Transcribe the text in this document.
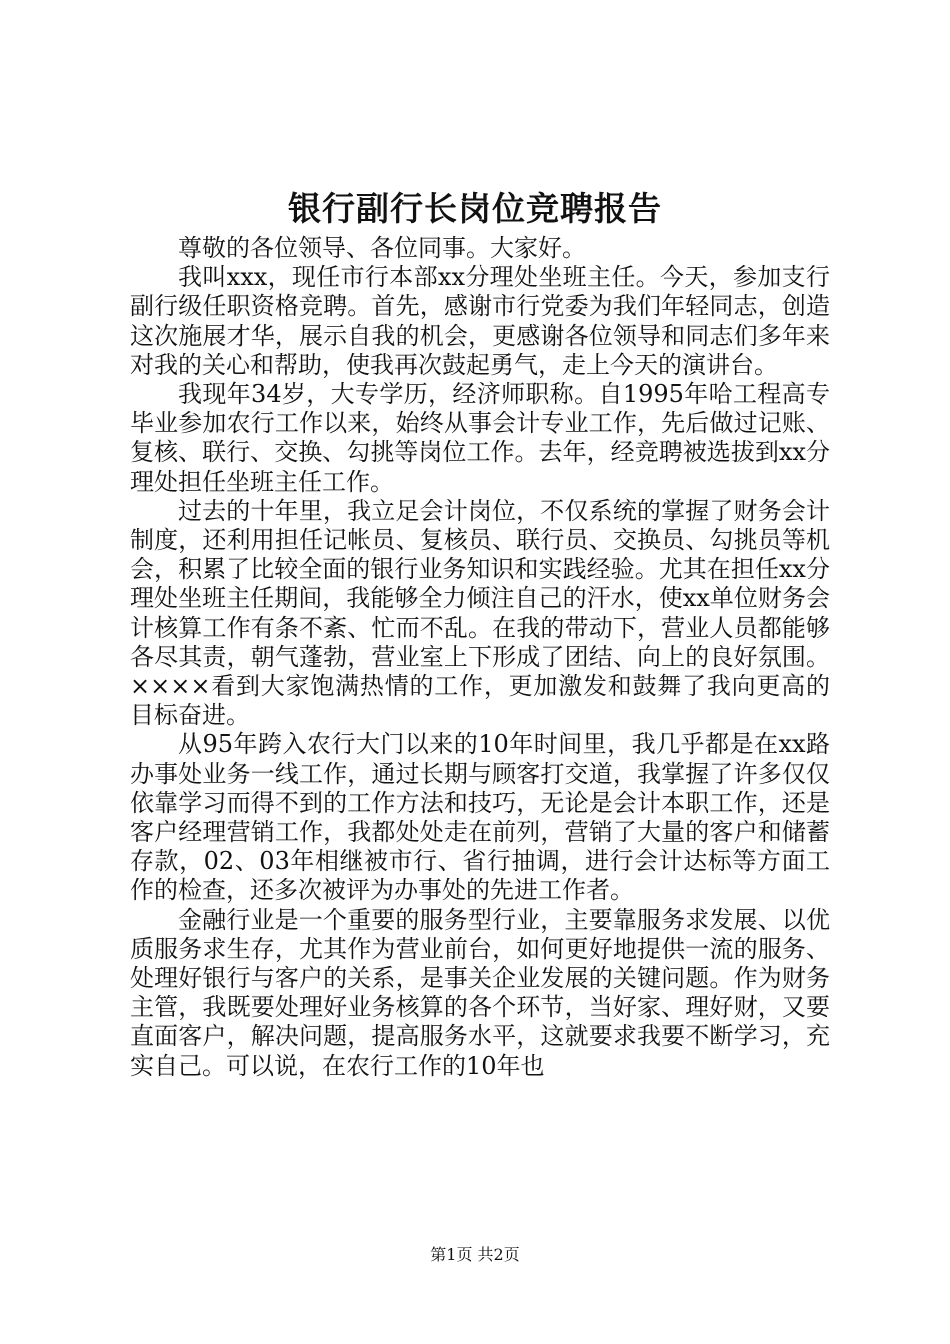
银行副行长岗位竞聘报告

尊敬的各位领导、各位同事。大家好。

我叫xxx，现任市行本部xx分理处坐班主任。今天，参加支行副行级任职资格竞聘。首先，感谢市行党委为我们年轻同志，创造这次施展才华，展示自我的机会，更感谢各位领导和同志们多年来对我的关心和帮助，使我再次鼓起勇气，走上今天的演讲台。

我现年34岁，大专学历，经济师职称。自1995年哈工程高专毕业参加农行工作以来，始终从事会计专业工作，先后做过记账、复核、联行、交换、勾挑等岗位工作。去年，经竞聘被选拔到xx分理处担任坐班主任工作。

过去的十年里，我立足会计岗位，不仅系统的掌握了财务会计制度，还利用担任记帐员、复核员、联行员、交换员、勾挑员等机会，积累了比较全面的银行业务知识和实践经验。尤其在担任xx分理处坐班主任期间，我能够全力倾注自己的汗水，使xx单位财务会计核算工作有条不紊、忙而不乱。在我的带动下，营业人员都能够各尽其责，朝气蓬勃，营业室上下形成了团结、向上的良好氛围。××××看到大家饱满热情的工作，更加激发和鼓舞了我向更高的目标奋进。

从95年跨入农行大门以来的10年时间里，我几乎都是在xx路办事处业务一线工作，通过长期与顾客打交道，我掌握了许多仅仅依靠学习而得不到的工作方法和技巧，无论是会计本职工作，还是客户经理营销工作，我都处处走在前列，营销了大量的客户和储蓄存款，02、03年相继被市行、省行抽调，进行会计达标等方面工作的检查，还多次被评为办事处的先进工作者。

金融行业是一个重要的服务型行业，主要靠服务求发展、以优质服务求生存，尤其作为营业前台，如何更好地提供一流的服务、处理好银行与客户的关系，是事关企业发展的关键问题。作为财务主管，我既要处理好业务核算的各个环节，当好家、理好财，又要直面客户，解决问题，提高服务水平，这就要求我要不断学习，充实自己。可以说，在农行工作的10年也

第1页 共2页
